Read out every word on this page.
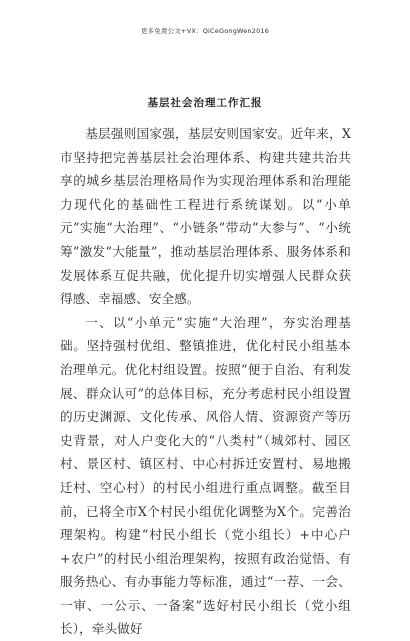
更多免费公文+VX：QiCeGongWen2016
基层社会治理工作汇报

基层强则国家强，基层安则国家安。近年来，X市坚持把完善基层社会治理体系、构建共建共治共享的城乡基层治理格局作为实现治理体系和治理能力现代化的基础性工程进行系统谋划。以“小单元”实施“大治理”、“小链条”带动“大参与”、“小统筹”激发“大能量”，推动基层治理体系、服务体系和发展体系互促共融，优化提升切实增强人民群众获得感、幸福感、安全感。

一、以“小单元”实施“大治理”，夯实治理基础。坚持强村优组、整镇推进，优化村民小组基本治理单元。优化村组设置。按照“便于自治、有利发展、群众认可”的总体目标，充分考虑村民小组设置的历史渊源、文化传承、风俗人情、资源资产等历史背景，对人户变化大的“八类村”（城郊村、园区村、景区村、镇区村、中心村拆迁安置村、易地搬迁村、空心村）的村民小组进行重点调整。截至目前，已将全市X个村民小组优化调整为X个。完善治理架构。构建“村民小组长（党小组长）+中心户+农户”的村民小组治理架构，按照有政治觉悟、有服务热心、有办事能力等标准，通过“一荐、一会、一审、一公示、一备案”选好村民小组长（党小组长），牵头做好
